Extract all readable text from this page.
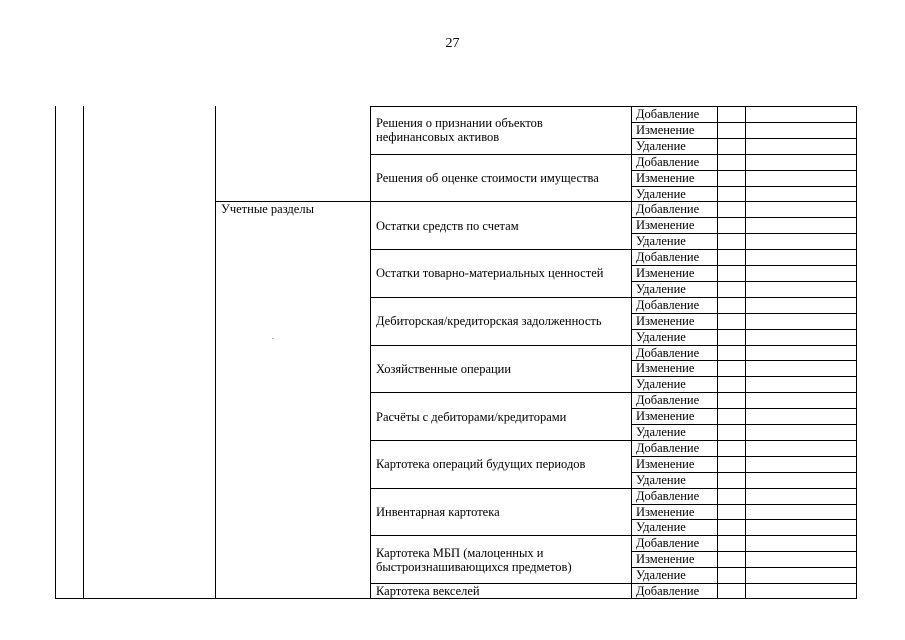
27
Решения о признании объектов
нефинансовых активов
Добавление
Изменение
Удаление
Решения об оценке стоимости имущества
Добавление
Изменение
Удаление
Учетные разделы
Остатки средств по счетам
Добавление
Изменение
Удаление
Остатки товарно-материальных ценностей
Добавление
Изменение
Удаление
Дебиторская/кредиторская задолженность
Добавление
Изменение
Удаление
Хозяйственные операции
Добавление
Изменение
Удаление
Расчёты с дебиторами/кредиторами
Добавление
Изменение
Удаление
Картотека операций будущих периодов
Добавление
Изменение
Удаление
Инвентарная картотека
Добавление
Изменение
Удаление
Картотека МБП (малоценных и
быстроизнашивающихся предметов)
Добавление
Изменение
Удаление
Картотека векселей	Добавление
